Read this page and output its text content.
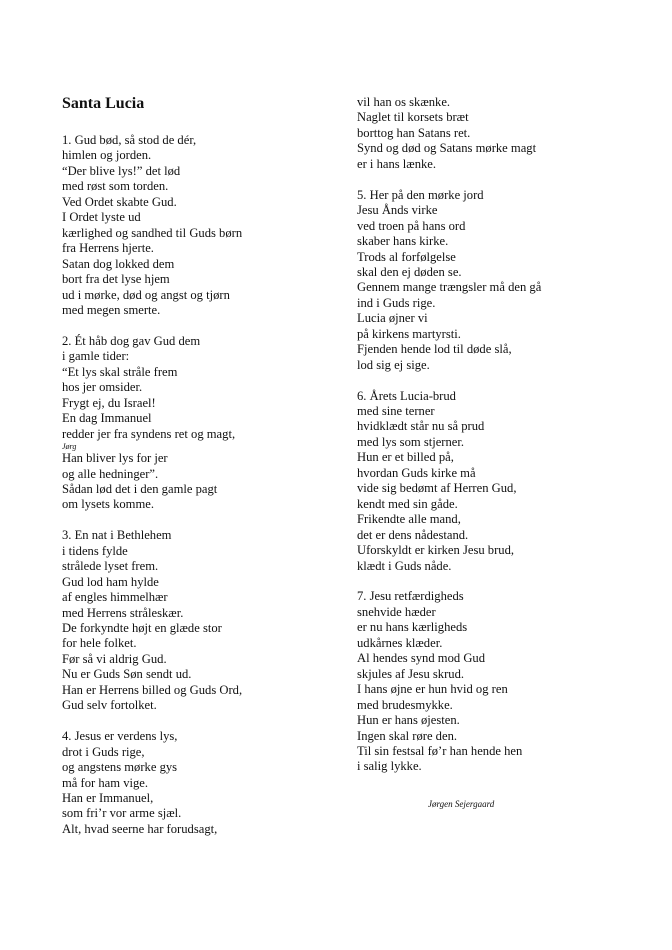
Santa Lucia
1. Gud bød, så stod de dér,
himlen og jorden.
“Der blive lys!” det lød
med røst som torden.
Ved Ordet skabte Gud.
I Ordet lyste ud
kærlighed og sandhed til Guds børn
fra Herrens hjerte.
Satan dog lokked dem
bort fra det lyse hjem
ud i mørke, død og angst og tjørn
med megen smerte.
2. Ét håb dog gav Gud dem
i gamle tider:
“Et lys skal stråle frem
hos jer omsider.
Frygt ej, du Israel!
En dag Immanuel
redder jer fra syndens ret og magt,
Jørg
Han bliver lys for jer
og alle hedninger”.
Sådan lød det i den gamle pagt
om lysets komme.
3. En nat i Bethlehem
i tidens fylde
strålede lyset frem.
Gud lod ham hylde
af engles himmelhær
med Herrens stråleskær.
De forkyndte højt en glæde stor
for hele folket.
Før så vi aldrig Gud.
Nu er Guds Søn sendt ud.
Han er Herrens billed og Guds Ord,
Gud selv fortolket.
4. Jesus er verdens lys,
drot i Guds rige,
og angstens mørke gys
må for ham vige.
Han er Immanuel,
som fri’r vor arme sjæl.
Alt, hvad seerne har forudsagt,
vil han os skænke.
Naglet til korsets bræt
borttog han Satans ret.
Synd og død og Satans mørke magt
er i hans lænke.
5. Her på den mørke jord
Jesu Ånds virke
ved troen på hans ord
skaber hans kirke.
Trods al forfølgelse
skal den ej døden se.
Gennem mange trængsler må den gå
ind i Guds rige.
Lucia øjner vi
på kirkens martyrsti.
Fjenden hende lod til døde slå,
lod sig ej sige.
6. Årets Lucia-brud
med sine terner
hvidklædt står nu så prud
med lys som stjerner.
Hun er et billed på,
hvordan Guds kirke må
vide sig bedømt af Herren Gud,
kendt med sin gåde.
Frikendte alle mand,
det er dens nådestand.
Uforskyldt er kirken Jesu brud,
klædt i Guds nåde.
7. Jesu retfærdigheds
snehvide hæder
er nu hans kærligheds
udkårnes klæder.
Al hendes synd mod Gud
skjules af Jesu skrud.
I hans øjne er hun hvid og ren
med brudesmykke.
Hun er hans øjesten.
Ingen skal røre den.
Til sin festsal fø’r han hende hen
i salig lykke.
Jørgen Sejergaard
